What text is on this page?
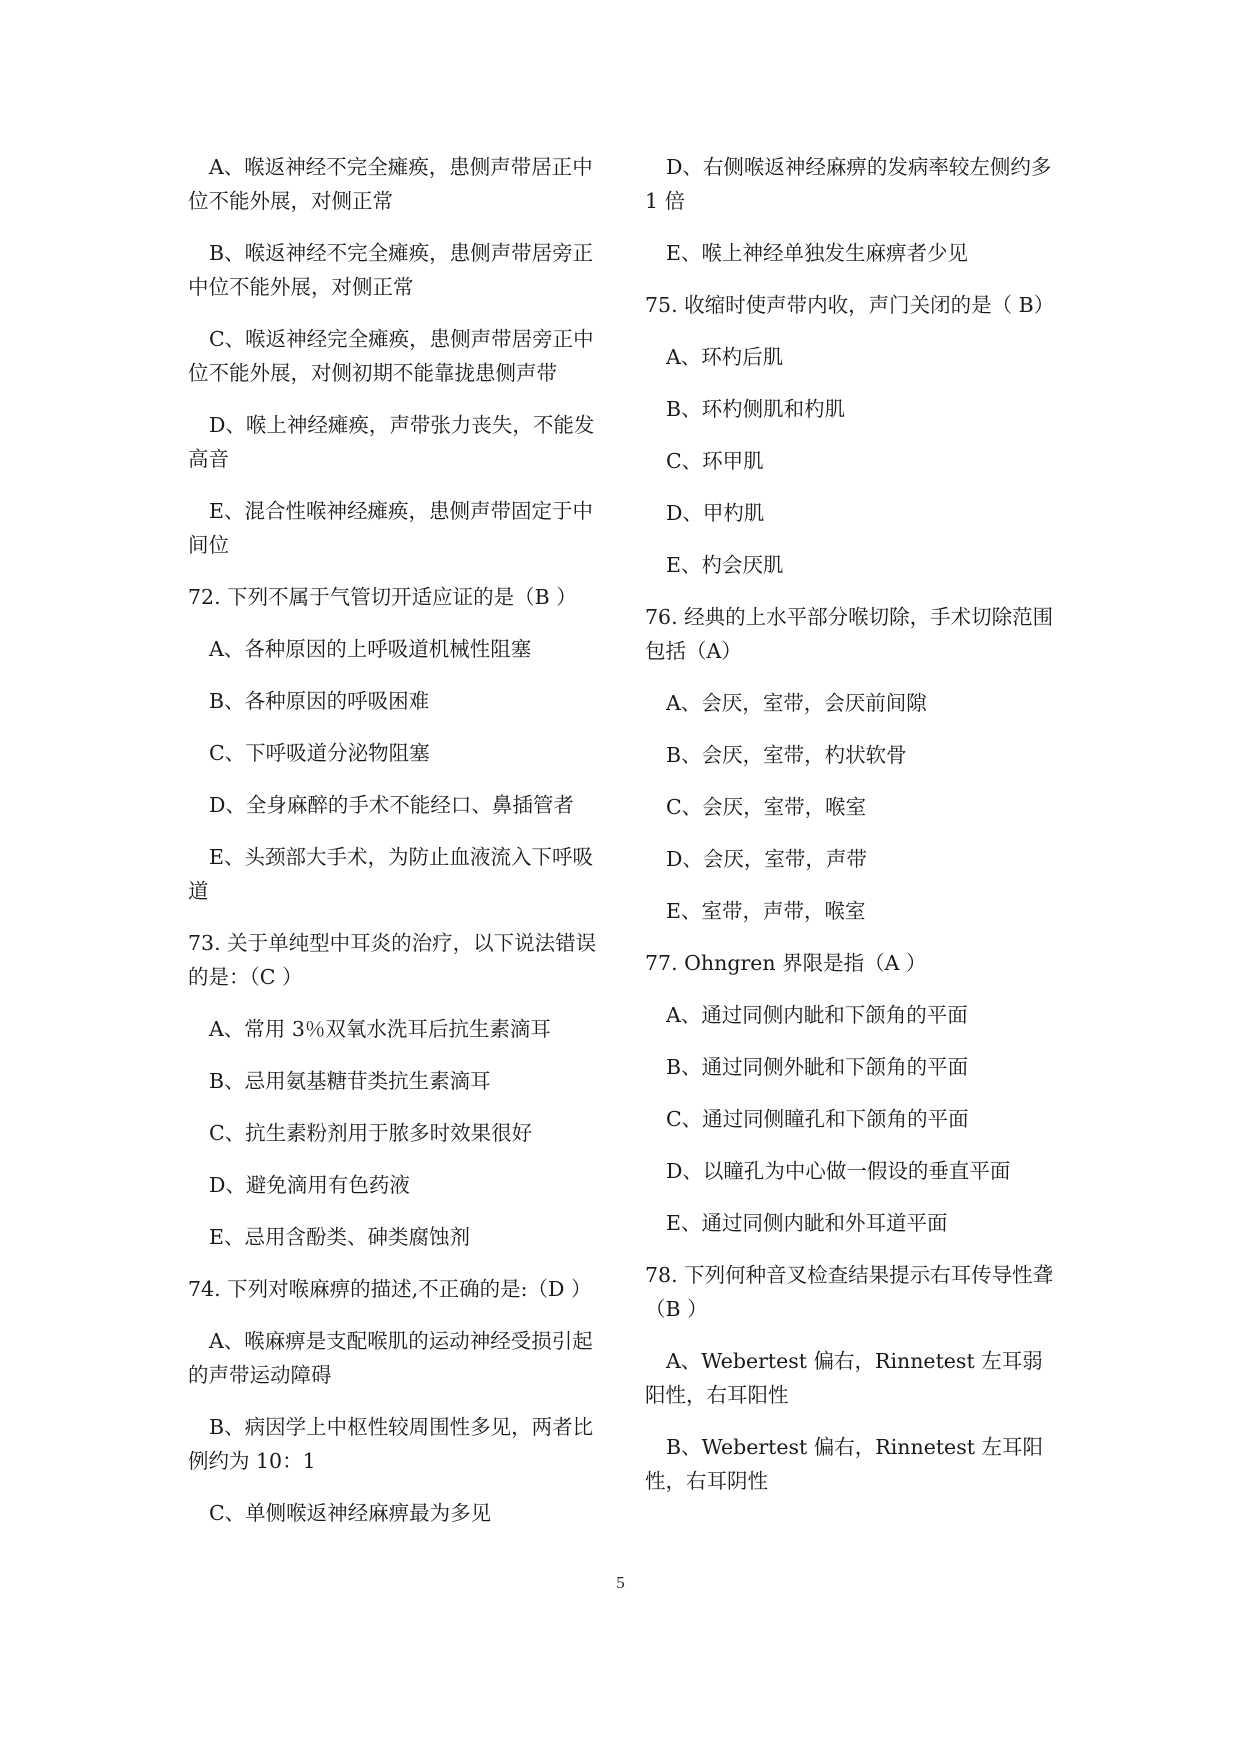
A、喉返神经不完全瘫痪，患侧声带居正中位不能外展，对侧正常

B、喉返神经不完全瘫痪，患侧声带居旁正中位不能外展，对侧正常

C、喉返神经完全瘫痪，患侧声带居旁正中位不能外展，对侧初期不能靠拢患侧声带

D、喉上神经瘫痪，声带张力丧失，不能发高音

E、混合性喉神经瘫痪，患侧声带固定于中间位

72. 下列不属于气管切开适应证的是（B ）

A、各种原因的上呼吸道机械性阻塞

B、各种原因的呼吸困难

C、下呼吸道分泌物阻塞

D、全身麻醉的手术不能经口、鼻插管者

E、头颈部大手术，为防止血液流入下呼吸道

73. 关于单纯型中耳炎的治疗，以下说法错误的是：（C ）

A、常用 3％双氧水洗耳后抗生素滴耳

B、忌用氨基糖苷类抗生素滴耳

C、抗生素粉剂用于脓多时效果很好

D、避免滴用有色药液

E、忌用含酚类、砷类腐蚀剂

74. 下列对喉麻痹的描述,不正确的是:（D ）

A、喉麻痹是支配喉肌的运动神经受损引起的声带运动障碍

B、病因学上中枢性较周围性多见，两者比例约为 10：1

C、单侧喉返神经麻痹最为多见

D、右侧喉返神经麻痹的发病率较左侧约多 1 倍

E、喉上神经单独发生麻痹者少见

75. 收缩时使声带内收，声门关闭的是（ B）

A、环杓后肌

B、环杓侧肌和杓肌

C、环甲肌

D、甲杓肌

E、杓会厌肌

76. 经典的上水平部分喉切除，手术切除范围包括（A）

A、会厌，室带，会厌前间隙

B、会厌，室带，杓状软骨

C、会厌，室带，喉室

D、会厌，室带，声带

E、室带，声带，喉室

77. Ohngren 界限是指（A ）

A、通过同侧内眦和下颌角的平面

B、通过同侧外眦和下颌角的平面

C、通过同侧瞳孔和下颌角的平面

D、以瞳孔为中心做一假设的垂直平面

E、通过同侧内眦和外耳道平面

78. 下列何种音叉检查结果提示右耳传导性聋（B ）

A、Webertest 偏右，Rinnetest 左耳弱阳性，右耳阳性

B、Webertest 偏右，Rinnetest 左耳阳性，右耳阴性

5
